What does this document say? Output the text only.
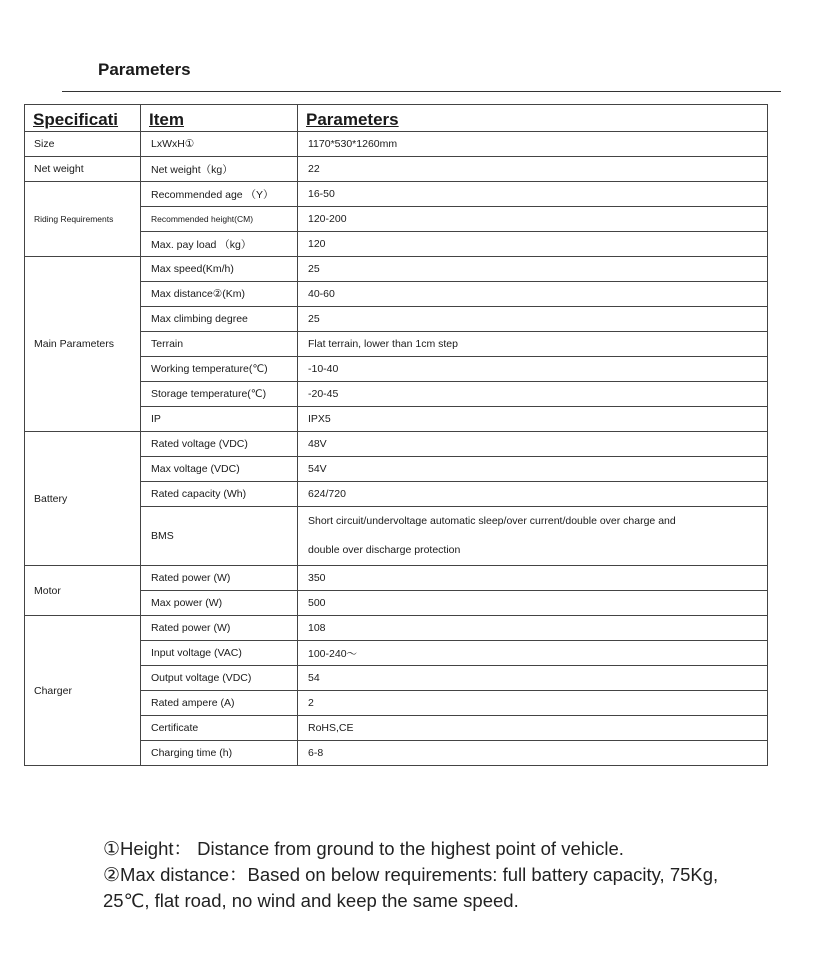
Parameters
Specificati	Item	Parameters
Size	LxWxH①	1170*530*1260mm
Net weight	Net weight（kg）	22
Riding Requirements	Recommended age （Y）	16-50
	Recommended height(CM)	120-200
	Max. pay load （kg）	120
Main Parameters	Max speed(Km/h)	25
	Max distance②(Km)	40-60
	Max climbing degree	25
	Terrain	Flat terrain, lower than 1cm step
	Working temperature(℃)	-10-40
	Storage temperature(℃)	-20-45
	IP	IPX5
Battery	Rated voltage (VDC)	48V
	Max voltage (VDC)	54V
	Rated capacity (Wh)	624/720
	BMS	Short circuit/undervoltage automatic sleep/over current/double over charge and
double over discharge protection
Motor	Rated power (W)	350
	Max power (W)	500
Charger	Rated power (W)	108
	Input voltage (VAC)	100-240～
	Output voltage (VDC)	54
	Rated ampere (A)	2
	Certificate	RoHS,CE
	Charging time (h)	6-8
①Height： Distance from ground to the highest point of vehicle.
②Max distance：Based on below requirements: full battery capacity, 75Kg,
25℃, flat road, no wind and keep the same speed.
